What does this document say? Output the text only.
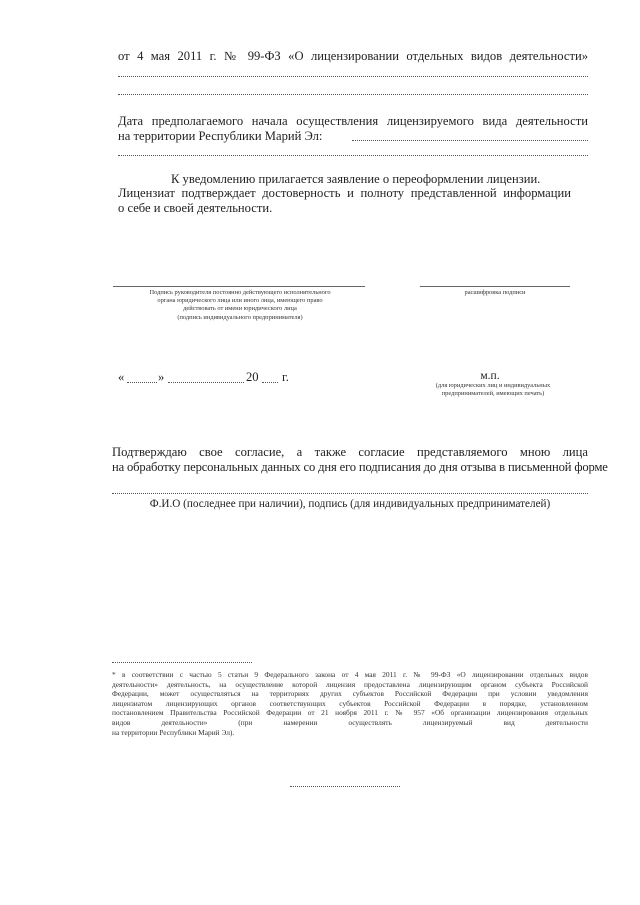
от 4 мая 2011 г. № 99-ФЗ «О лицензировании отдельных видов деятельности»
Дата предполагаемого начала осуществления лицензируемого вида деятельности
на территории Республики Марий Эл:
К уведомлению прилагается заявление о переоформлении лицензии.
Лицензиат подтверждает достоверность и полноту представленной информации
о себе и своей деятельности.
Подпись руководителя постоянно действующего исполнительного
органа юридического лица или иного лица, имеющего право
действовать от имени юридического лица
(подпись индивидуального предпринимателя)
расшифровка подписи
«	»	20 г.	м.п.
(для юридических лиц и индивидуальных
предпринимателей, имеющих печать)
Подтверждаю свое согласие, а также согласие представляемого мною лица
на обработку персональных данных со дня его подписания до дня отзыва в письменной форме
Ф.И.О (последнее при наличии), подпись (для индивидуальных предпринимателей)
* в соответствии с частью 5 статьи 9 Федерального закона от 4 мая 2011 г. № 99-ФЗ «О лицензировании отдельных видов
деятельности» деятельность, на осуществление которой лицензия предоставлена лицензирующим органом субъекта Российской
Федерации, может осуществляться на территориях других субъектов Российской Федерации при условии уведомления
лицензиатом лицензирующих органов соответствующих субъектов Российской Федерации в порядке, установленном
постановлением Правительства Российской Федерации от 21 ноября 2011 г. № 957 «Об организации лицензирования отдельных
видов деятельности» (при намерении осуществлять лицензируемый вид деятельности
на территории Республики Марий Эл).
